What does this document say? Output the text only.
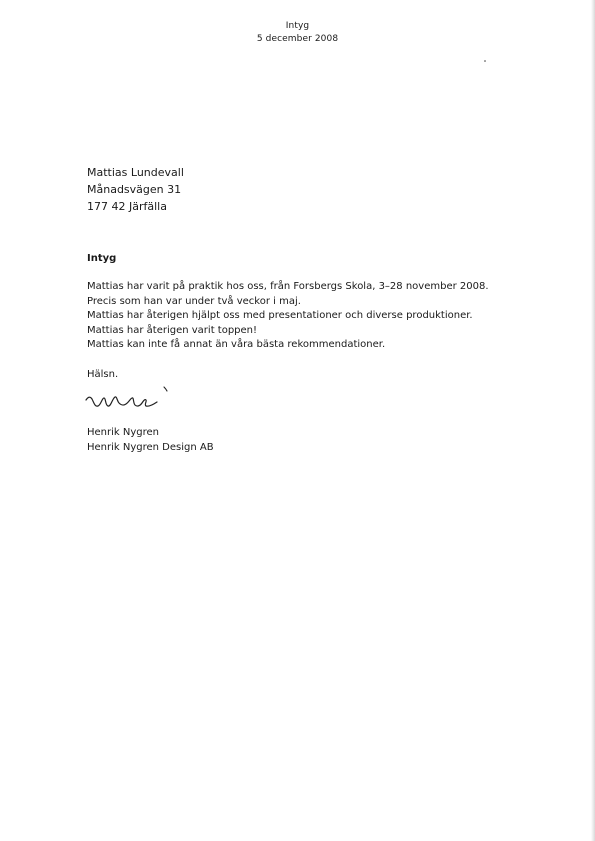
Intyg
5 december 2008
Mattias Lundevall
Månadsvägen 31
177 42 Järfälla
Intyg
Mattias har varit på praktik hos oss, från Forsbergs Skola, 3–28 november 2008.
Precis som han var under två veckor i maj.
Mattias har återigen hjälpt oss med presentationer och diverse produktioner.
Mattias har återigen varit toppen!
Mattias kan inte få annat än våra bästa rekommendationer.
Hälsn.
Henrik Nygren
Henrik Nygren Design AB
